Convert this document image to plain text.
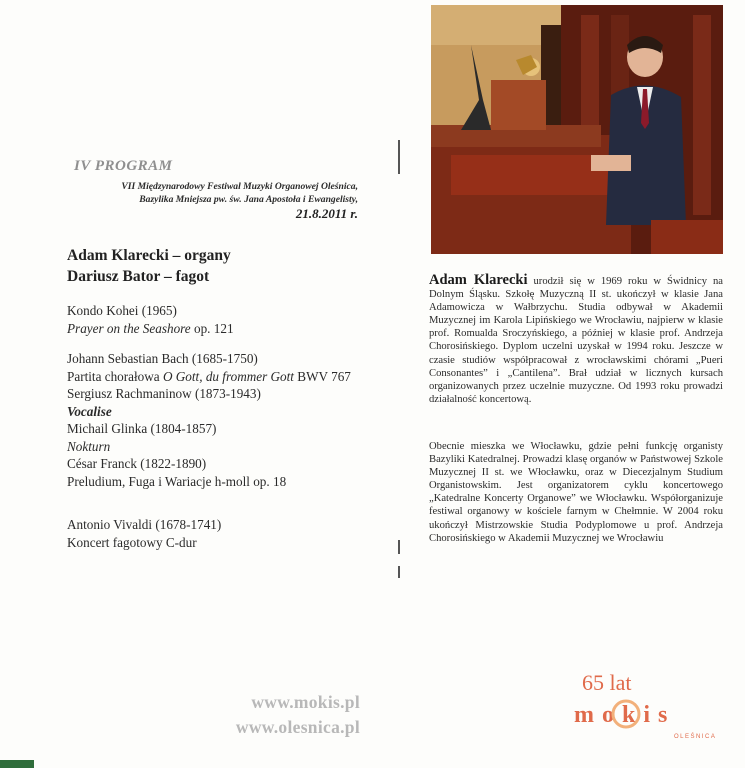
IV PROGRAM
VII Międzynarodowy Festiwal Muzyki Organowej Oleśnica,
Bazylika Mniejsza pw. św. Jana Apostoła i Ewangelisty,
21.8.2011 r.
Adam Klarecki – organy
Dariusz Bator – fagot
Kondo Kohei (1965)
Prayer on the Seashore op. 121
Johann Sebastian Bach (1685-1750)
Partita chorałowa O Gott, du frommer Gott BWV 767
Sergiusz Rachmaninow (1873-1943)
Vocalise
Michail Glinka (1804-1857)
Nokturn
César Franck (1822-1890)
Preludium, Fuga i Wariacje h-moll op. 18
Antonio Vivaldi (1678-1741)
Koncert fagotowy C-dur
www.mokis.pl
www.olesnica.pl
Adam Klarecki urodził się w 1969 roku w Świdnicy na Dolnym Śląsku. Szkołę Muzyczną II st. ukończył w klasie Jana Adamowicza w Wałbrzychu. Studia odbywał w Akademii Muzycznej im Karola Lipińskiego we Wrocławiu, najpierw w klasie prof. Romualda Sroczyńskiego, a później w klasie prof. Andrzeja Chorosińskiego. Dyplom uczelni uzyskał w 1994 roku. Jeszcze w czasie studiów współpracował z wrocławskimi chórami „Pueri Consonantes” i „Cantilena”. Brał udział w licznych kursach organizowanych przez uczelnie muzyczne. Od 1993 roku prowadzi działalność koncertową.
Obecnie mieszka we Włocławku, gdzie pełni funkcję organisty Bazyliki Katedralnej. Prowadzi klasę organów w Państwowej Szkole Muzycznej II st. we Włocławku, oraz w Diecezjalnym Studium Organistowskim. Jest organizatorem cyklu koncertowego „Katedralne Koncerty Organowe” we Włocławku. Współorganizuje festiwal organowy w kościele farnym w Chełmnie. W 2004 roku ukończył Mistrzowskie Studia Podyplomowe u prof. Andrzeja Chorosińskiego w Akademii Muzycznej we Wrocławiu
65 lat
mokis
OLEŚNICA
